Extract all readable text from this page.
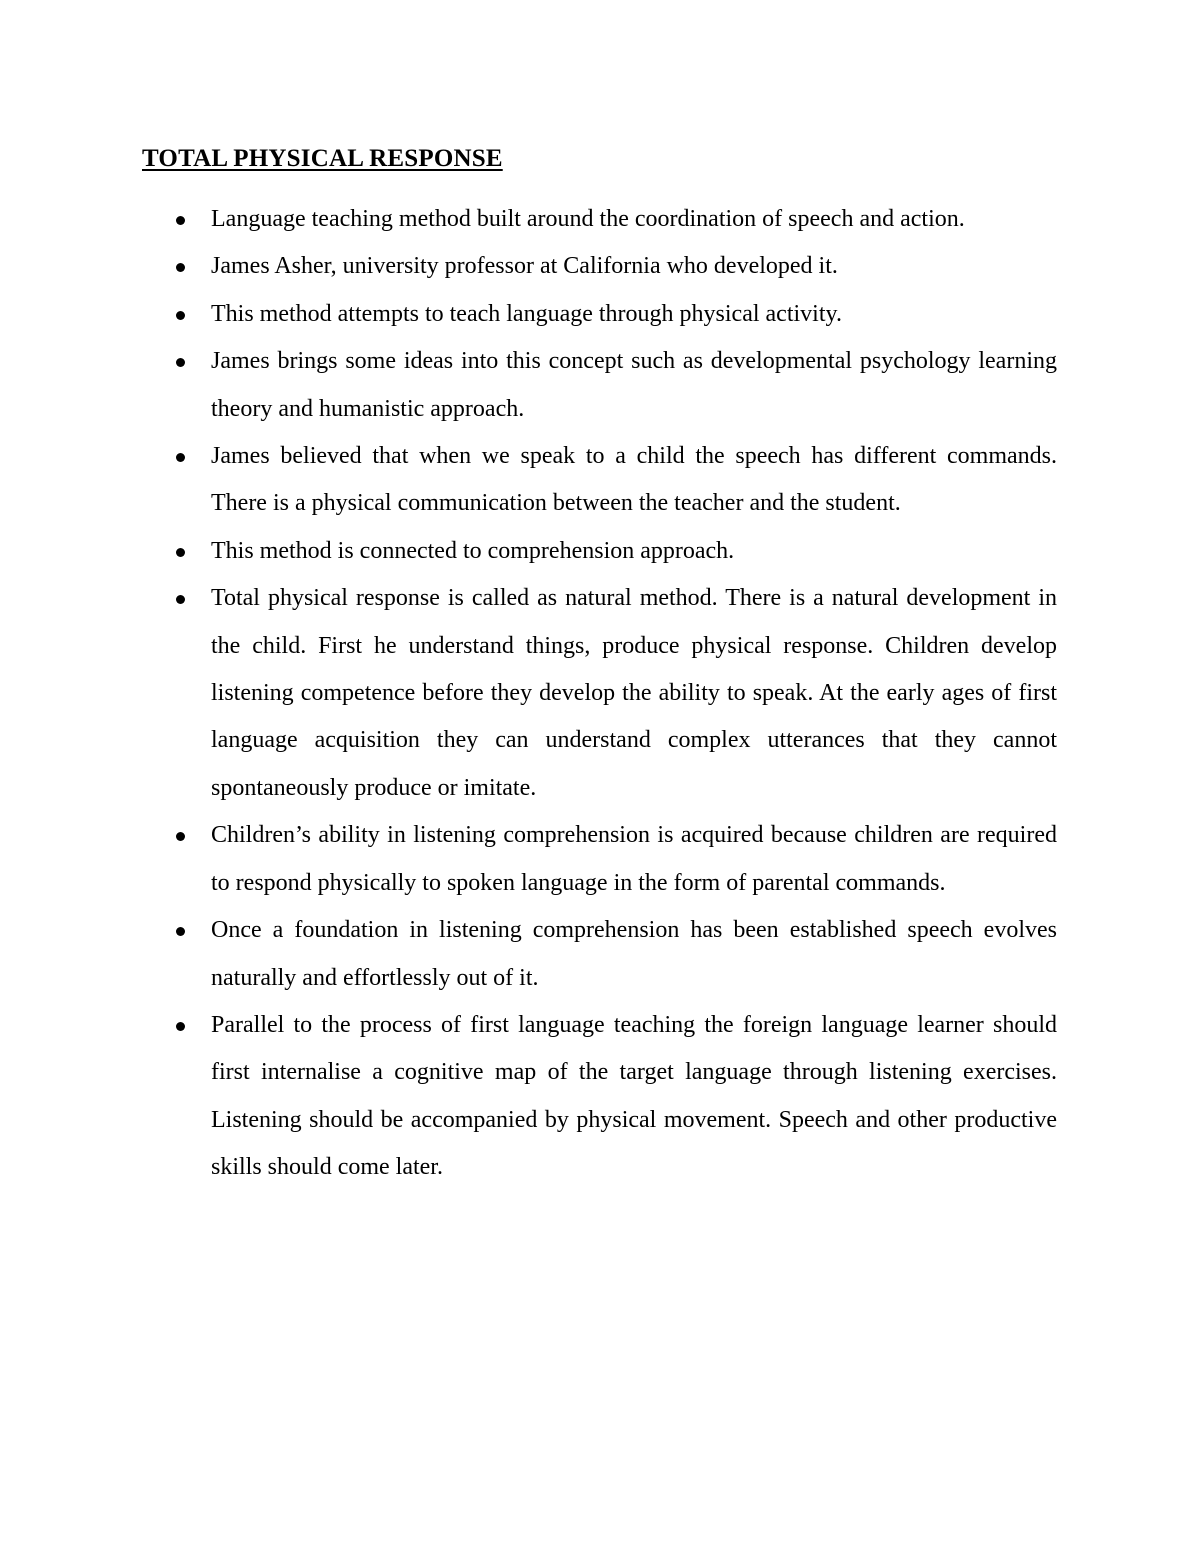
TOTAL PHYSICAL RESPONSE
Language teaching method built around the coordination of speech and action.
James Asher, university professor at California who developed it.
This method attempts to teach language through physical activity.
James brings some ideas into this concept such as developmental psychology learning theory and humanistic approach.
James believed that when we speak to a child the speech has different commands. There is a physical communication between the teacher and the student.
This method is connected to comprehension approach.
Total physical response is called as natural method. There is a natural development in the child. First he understand things, produce physical response. Children develop listening competence before they develop the ability to speak. At the early ages of first language acquisition they can understand complex utterances that they cannot spontaneously produce or imitate.
Children’s ability in listening comprehension is acquired because children are required to respond physically to spoken language in the form of parental commands.
Once a foundation in listening comprehension has been established speech evolves naturally and effortlessly out of it.
Parallel to the process of first language teaching the foreign language learner should first internalise a cognitive map of the target language through listening exercises. Listening should be accompanied by physical movement. Speech and other productive skills should come later.
